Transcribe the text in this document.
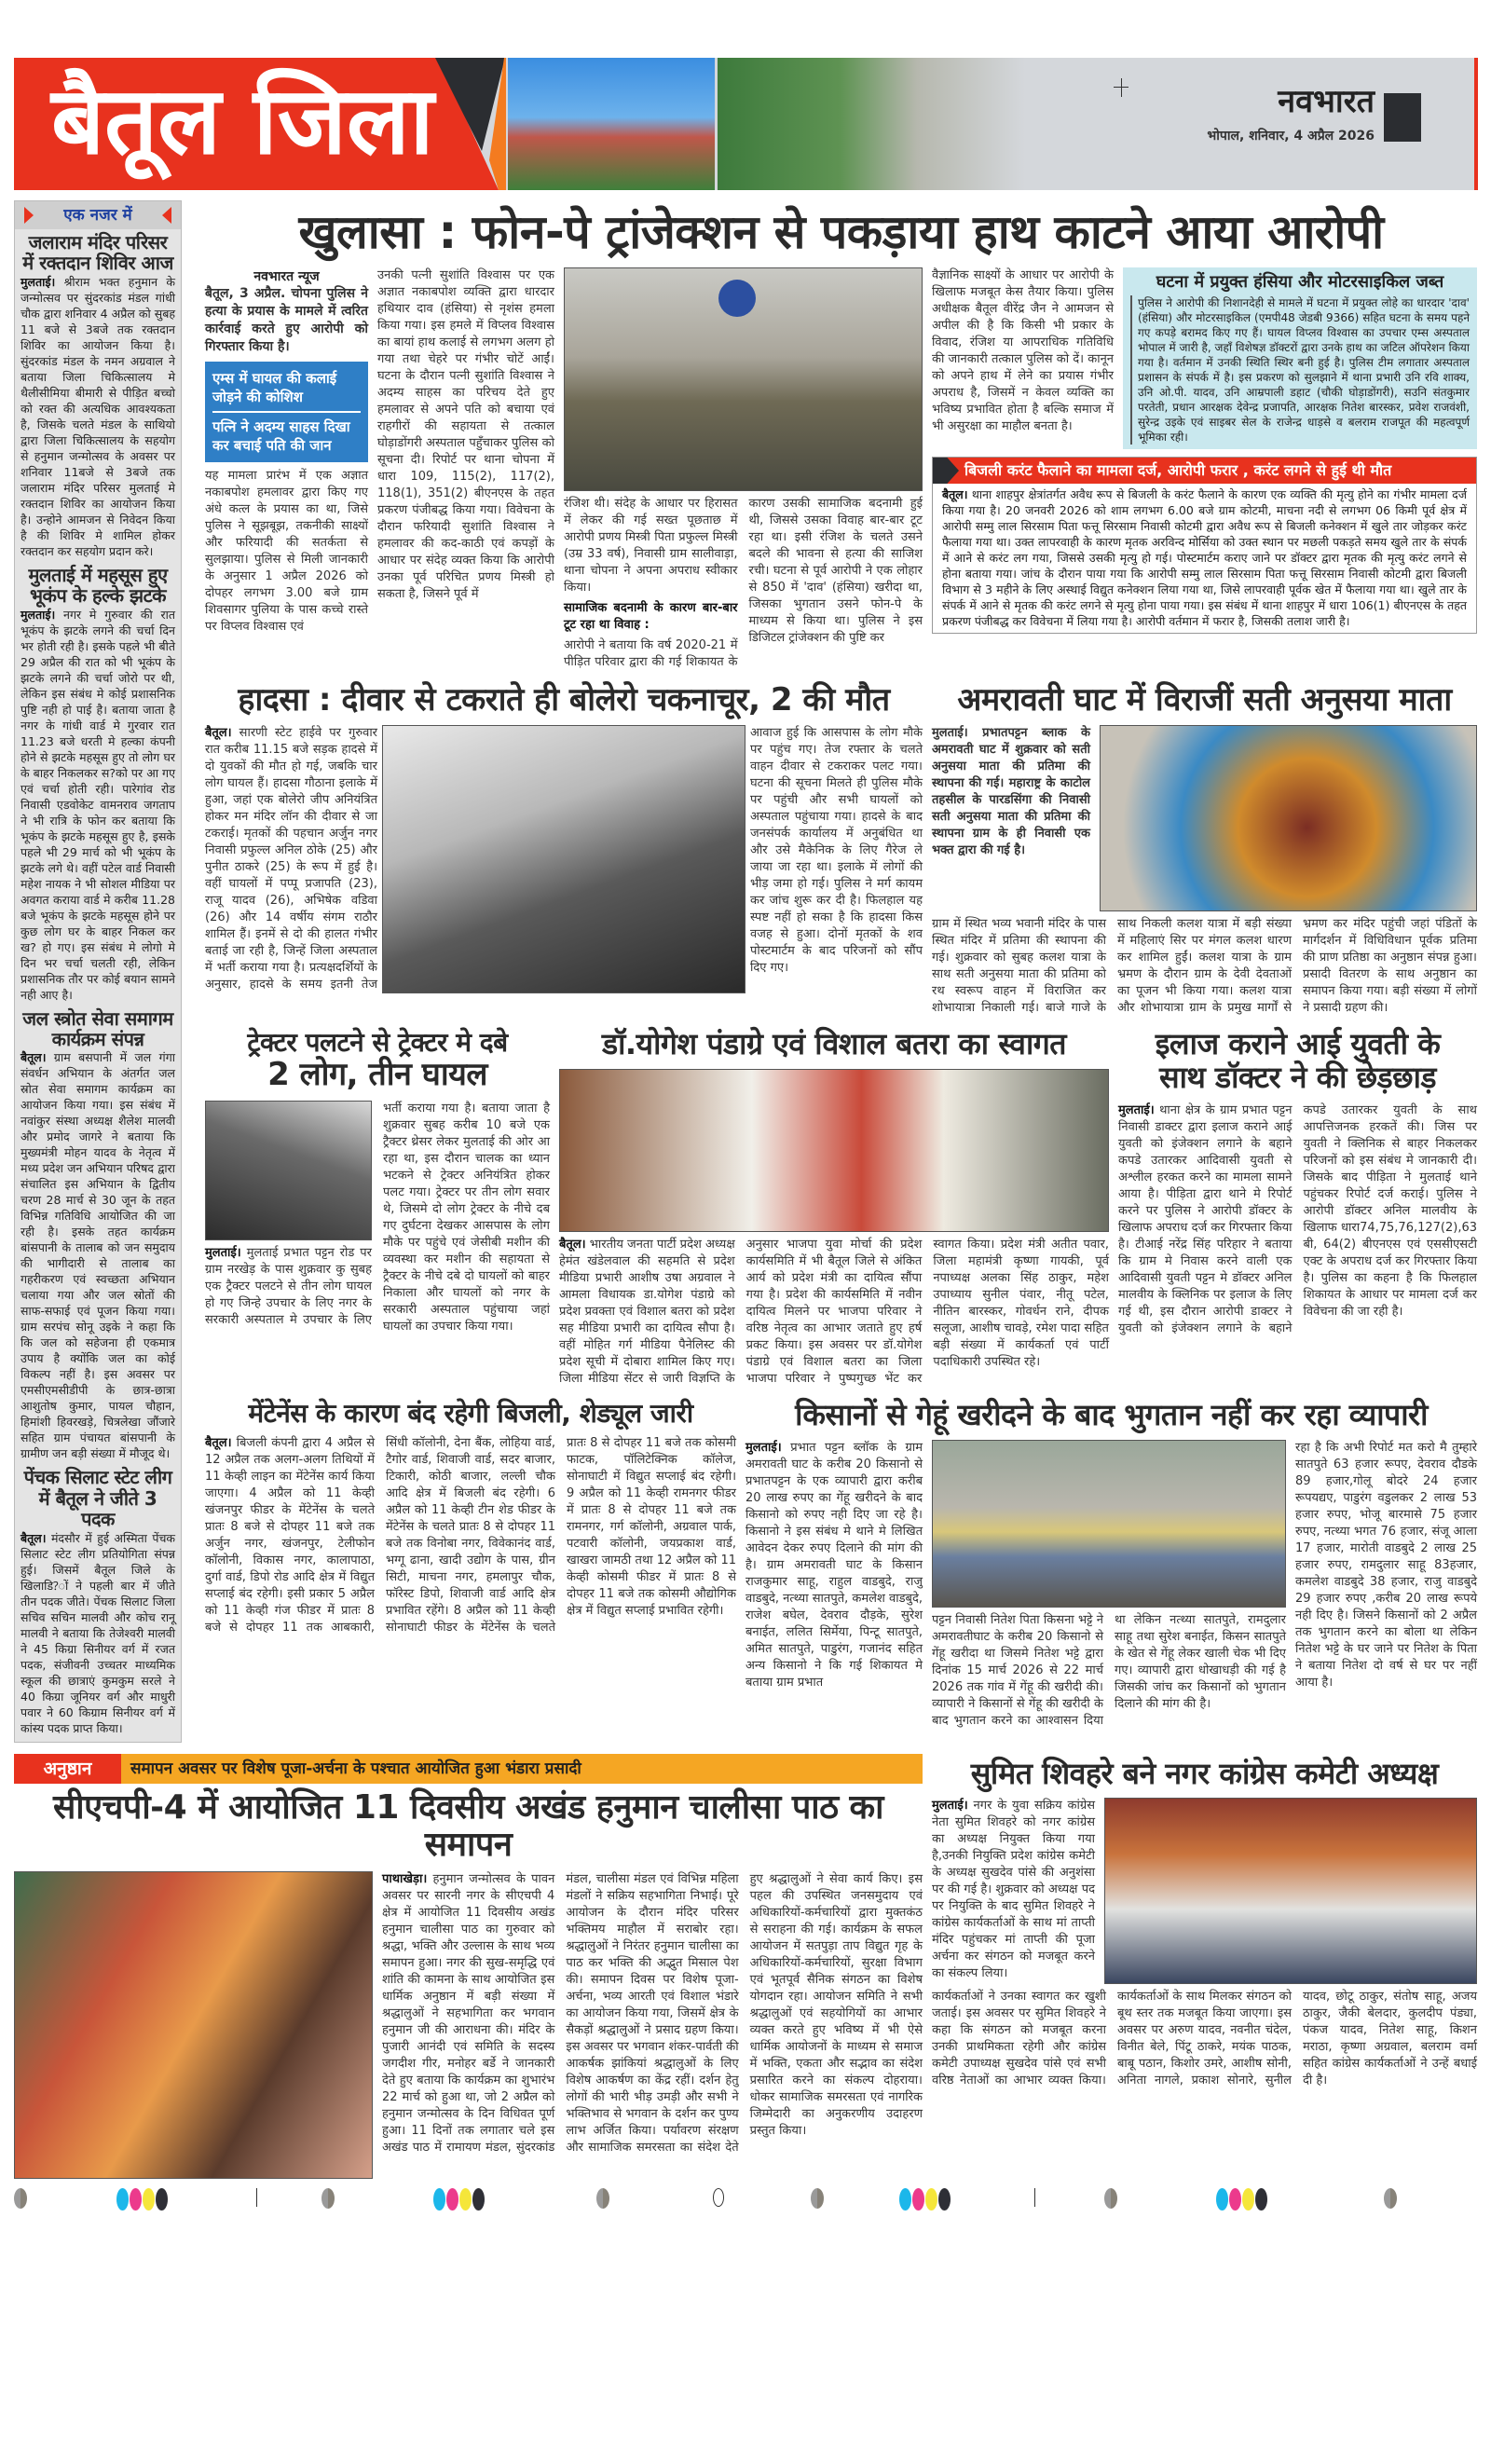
बैतूल जिला	नवभारत
भोपाल, शनिवार, 4 अप्रैल 2026
एक नजर में
जलाराम मंदिर परिसर में रक्तदान शिविर आज
मुलताई। श्रीराम भक्त हनुमान के जन्मोत्सव पर सुंदरकांड मंडल गांधी चौक द्वारा शनिवार 4 अप्रैल को सुबह 11 बजे से 3बजे तक रक्तदान शिविर का आयोजन किया है। सुंदरकांड मंडल के नमन अग्रवाल ने बताया जिला चिकित्सालय मे थैलीसीमिया बीमारी से पीड़ित बच्चो को रक्त की अत्यधिक आवश्यकता है, जिसके चलते मंडल के साथियो द्वारा जिला चिकित्सालय के सहयोग से हनुमान जन्मोत्सव के अवसर पर शनिवार 11बजे से 3बजे तक जलाराम मंदिर परिसर मुलताई मे रक्तदान शिविर का आयोजन किया है। उन्होने आमजन से निवेदन किया है की शिविर मे शामिल होकर रक्तदान कर सहयोग प्रदान करे।
मुलताई में महसूस हुए भूकंप के हल्के झटके
मुलताई। नगर मे गुरुवार की रात भूकंप के झटके लगने की चर्चा दिन भर होती रही है। इसके पहले भी बीते 29 अप्रैल की रात को भी भूकंप के झटके लगने की चर्चा जोरो पर थी, लेकिन इस संबंध मे कोई प्रशासनिक पुष्टि नही हो पाई है। बताया जाता है नगर के गांधी वार्ड मे गुरवार रात 11.23 बजे धरती मे हल्का कंपनी होने से झटके महसूस हुए तो लोग घर के बाहर निकलकर स?को पर आ गए एवं चर्चा होती रही। पारेगांव रोड निवासी एडवोकेट वामनराव जगताप ने भी रात्रि के फोन कर बताया कि भूकंप के झटके महसूस हुए है, इसके पहले भी 29 मार्च को भी भूकंप के झटके लगे थे। वहीं पटेल वार्ड निवासी महेश नायक ने भी सोशल मीडिया पर अवगत कराया वार्ड मे करीब 11.28 बजे भूकंप के झटके महसूस होने पर कुछ लोग घर के बाहर निकल कर ख? हो गए। इस संबंध मे लोगो मे दिन भर चर्चा चलती रही, लेकिन प्रशासनिक तौर पर कोई बयान सामने नही आए है।
जल स्त्रोत सेवा समागम कार्यक्रम संपन्न
बैतूल। ग्राम बसपानी में जल गंगा संवर्धन अभियान के अंतर्गत जल स्रोत सेवा समागम कार्यक्रम का आयोजन किया गया। इस संबंध में नवांकुर संस्था अध्यक्ष शैलेश मालवी और प्रमोद जागरे ने बताया कि मुख्यमंत्री मोहन यादव के नेतृत्व में मध्य प्रदेश जन अभियान परिषद द्वारा संचालित इस अभियान के द्वितीय चरण 28 मार्च से 30 जून के तहत विभिन्न गतिविधि आयोजित की जा रही है। इसके तहत कार्यक्रम बांसपानी के तालाब को जन समुदाय की भागीदारी से तालाब का गहरीकरण एवं स्वच्छता अभियान चलाया गया और जल स्रोतों की साफ-सफाई एवं पूजन किया गया। ग्राम सरपंच सोनू उइके ने कहा कि कि जल को सहेजना ही एकमात्र उपाय है क्योंकि जल का कोई विकल्प नहीं है। इस अवसर पर एमसीएमसीडीपी के छात्र-छात्रा आशुतोष कुमार, पायल चौहान, हिमांशी हिवरखड़े, चित्रलेखा जौंजारे सहित ग्राम पंचायत बांसपानी के ग्रामीण जन बड़ी संख्या में मौजूद थे।
पेंचक सिलाट स्टेट लीग में बैतूल ने जीते 3 पदक
बैतूल। मंदसौर में हुई अस्मिता पेंचक सिलाट स्टेट लीग प्रतियोगिता संपन्न हुई। जिसमें बैतूल जिले के खिलाडि?ों ने पहली बार में जीते तीन पदक जीते। पेंचक सिलाट जिला सचिव सचिन मालवी और कोच रानू मालवी ने बताया कि तेजेश्वरी मालवी ने 45 किग्रा सिनीयर वर्ग में रजत पदक, संजीवनी उच्चतर माध्यमिक स्कूल की छात्राएं कुमकुम सरले ने 40 किग्रा जूनियर वर्ग और माधुरी पवार ने 60 किग्राम सिनीयर वर्ग में कांस्य पदक प्राप्त किया।
खुलासा : फोन-पे ट्रांजेक्शन से पकड़ाया हाथ काटने आया आरोपी
नवभारत न्यूज
बैतूल, 3 अप्रैल. चोपना पुलिस ने हत्या के प्रयास के मामले में त्वरित कार्रवाई करते हुए आरोपी को गिरफ्तार किया है।
एम्स में घायल की कलाई जोड़ने की कोशिश
पत्नि ने अदम्य साहस दिखा कर बचाई पति की जान
यह मामला प्रारंभ में एक अज्ञात नकाबपोश हमलावर द्वारा किए गए अंधे कत्ल के प्रयास का था, जिसे पुलिस ने सूझबूझ, तकनीकी साक्ष्यों और फरियादी की सतर्कता से सुलझाया। पुलिस से मिली जानकारी के अनुसार 1 अप्रैल 2026 को दोपहर लगभग 3.00 बजे ग्राम शिवसागर पुलिया के पास कच्चे रास्ते पर विप्लव विश्वास एवं
उनकी पत्नी सुशांति विश्वास पर एक अज्ञात नकाबपोश व्यक्ति द्वारा धारदार हथियार दाव (हंसिया) से नृशंस हमला किया गया। इस हमले में विप्लव विश्वास का बायां हाथ कलाई से लगभग अलग हो गया तथा चेहरे पर गंभीर चोटें आईं। घटना के दौरान पत्नी सुशांति विश्वास ने अदम्य साहस का परिचय देते हुए हमलावर से अपने पति को बचाया एवं राहगीरों की सहायता से तत्काल घोड़ाडोंगरी अस्पताल पहुँचाकर पुलिस को सूचना दी। रिपोर्ट पर थाना चोपना में धारा 109, 115(2), 117(2), 118(1), 351(2) बीएनएस के तहत प्रकरण पंजीबद्ध किया गया। विवेचना के दौरान फरियादी सुशांति विश्वास ने हमलावर की कद-काठी एवं कपड़ों के आधार पर संदेह व्यक्त किया कि आरोपी उनका पूर्व परिचित प्रणय मिस्त्री हो सकता है, जिसने पूर्व में
रंजिश थी। संदेह के आधार पर हिरासत में लेकर की गई सख्त पूछताछ में आरोपी प्रणय मिस्त्री पिता प्रफुल्ल मिस्त्री (उम्र 33 वर्ष), निवासी ग्राम सालीवाड़ा, थाना चोपना ने अपना अपराध स्वीकार किया।
सामाजिक बदनामी के कारण बार-बार टूट रहा था विवाह :
आरोपी ने बताया कि वर्ष 2020-21 में पीड़ित परिवार द्वारा की गई शिकायत के कारण उसकी सामाजिक बदनामी हुई थी, जिससे उसका विवाह बार-बार टूट रहा था। इसी रंजिश के चलते उसने बदले की भावना से हत्या की साजिश रची। घटना से पूर्व आरोपी ने एक लोहार से 850 में 'दाव' (हंसिया) खरीदा था, जिसका भुगतान उसने फोन-पे के माध्यम से किया था। पुलिस ने इस डिजिटल ट्रांजेक्शन की पुष्टि कर
वैज्ञानिक साक्ष्यों के आधार पर आरोपी के खिलाफ मजबूत केस तैयार किया। पुलिस अधीक्षक बैतूल वीरेंद्र जैन ने आमजन से अपील की है कि किसी भी प्रकार के विवाद, रंजिश या आपराधिक गतिविधि की जानकारी तत्काल पुलिस को दें। कानून को अपने हाथ में लेने का प्रयास गंभीर अपराध है, जिसमें न केवल व्यक्ति का भविष्य प्रभावित होता है बल्कि समाज में भी असुरक्षा का माहौल बनता है।
घटना में प्रयुक्त हंसिया और मोटरसाइकिल जब्त
पुलिस ने आरोपी की निशानदेही से मामले में घटना में प्रयुक्त लोहे का धारदार 'दाव' (हंसिया) और मोटरसाइकिल (एमपी48 जेडबी 9366) सहित घटना के समय पहने गए कपड़े बरामद किए गए हैं। घायल विप्लव विश्वास का उपचार एम्स अस्पताल भोपाल में जारी है, जहाँ विशेषज्ञ डॉक्टरों द्वारा उनके हाथ का जटिल ऑपरेशन किया गया है। वर्तमान में उनकी स्थिति स्थिर बनी हुई है। पुलिस टीम लगातार अस्पताल प्रशासन के संपर्क में है। इस प्रकरण को सुलझाने में थाना प्रभारी उनि रवि शाक्य, उनि ओ.पी. यादव, उनि आम्रपाली डहाट (चौकी घोड़ाडोंगरी), सउनि संतकुमार परतेती, प्रधान आरक्षक देवेन्द्र प्रजापति, आरक्षक नितेश बारस्कर, प्रवेश राजवंशी, सुरेन्द्र उइके एवं साइबर सेल के राजेन्द्र धाड़से व बलराम राजपूत की महत्वपूर्ण भूमिका रही।
बिजली करंट फैलाने का मामला दर्ज, आरोपी फरार , करंट लगने से हुई थी मौत
बैतूल। थाना शाहपुर क्षेत्रांतर्गत अवैध रूप से बिजली के करंट फैलाने के कारण एक व्यक्ति की मृत्यु होने का गंभीर मामला दर्ज किया गया है। 20 जनवरी 2026 को शाम लगभग 6.00 बजे ग्राम कोटमी, माचना नदी से लगभग 06 किमी पूर्व क्षेत्र में आरोपी सम्मु लाल सिरसाम पिता फत्तू सिरसाम निवासी कोटमी द्वारा अवैध रूप से बिजली कनेक्शन में खुले तार जोड़कर करंट फैलाया गया था। उक्त लापरवाही के कारण मृतक अरविन्द मोर्सिया को उक्त स्थान पर मछली पकड़ते समय खुले तार के संपर्क में आने से करंट लग गया, जिससे उसकी मृत्यु हो गई। पोस्टमार्टम कराए जाने पर डॉक्टर द्वारा मृतक की मृत्यु करंट लगने से होना बताया गया। जांच के दौरान पाया गया कि आरोपी सम्मु लाल सिरसाम पिता फत्तू सिरसाम निवासी कोटमी द्वारा बिजली विभाग से 3 महीने के लिए अस्थाई विद्युत कनेक्शन लिया गया था, जिसे लापरवाही पूर्वक खेत में फैलाया गया था। खुले तार के संपर्क में आने से मृतक की करंट लगने से मृत्यु होना पाया गया। इस संबंध में थाना शाहपुर में धारा 106(1) बीएनएस के तहत प्रकरण पंजीबद्ध कर विवेचना में लिया गया है। आरोपी वर्तमान में फरार है, जिसकी तलाश जारी है।
हादसा : दीवार से टकराते ही बोलेरो चकनाचूर, 2 की मौत
बैतूल। सारणी स्टेट हाईवे पर गुरुवार रात करीब 11.15 बजे सड़क हादसे में दो युवकों की मौत हो गई, जबकि चार लोग घायल हैं। हादसा गौठाना इलाके में हुआ, जहां एक बोलेरो जीप अनियंत्रित होकर मन मंदिर लॉन की दीवार से जा टकराई। मृतकों की पहचान अर्जुन नगर निवासी प्रफुल्ल अनिल ठोके (25) और पुनीत ठाकरे (25) के रूप में हुई है। वहीं घायलों में पप्पू प्रजापति (23), राजू यादव (26), अभिषेक वडिवा (26) और 14 वर्षीय संगम राठौर शामिल हैं। इनमें से दो की हालत गंभीर बताई जा रही है, जिन्हें जिला अस्पताल में भर्ती कराया गया है। प्रत्यक्षदर्शियों के अनुसार, हादसे के समय इतनी तेज आवाज हुई कि आसपास के लोग मौके पर पहुंच गए। तेज रफ्तार के चलते वाहन दीवार से टकराकर पलट गया। घटना की सूचना मिलते ही पुलिस मौके पर पहुंची और सभी घायलों को अस्पताल पहुंचाया गया। हादसे के बाद जनसंपर्क कार्यालय में अनुबंधित था और उसे मैकेनिक के लिए गैरेज ले जाया जा रहा था। इलाके में लोगों की भीड़ जमा हो गई। पुलिस ने मर्ग कायम कर जांच शुरू कर दी है। फिलहाल यह स्पष्ट नहीं हो सका है कि हादसा किस वजह से हुआ। दोनों मृतकों के शव पोस्टमार्टम के बाद परिजनों को सौंप दिए गए।
अमरावती घाट में विराजीं सती अनुसया माता
मुलताई। प्रभातपट्टन ब्लाक के अमरावती घाट में शुक्रवार को सती अनुसया माता की प्रतिमा की स्थापना की गई। महाराष्ट्र के काटोल तहसील के पारडसिंगा की निवासी सती अनुसया माता की प्रतिमा की स्थापना ग्राम के ही निवासी एक भक्त द्वारा की गई है।
ग्राम में स्थित भव्य भवानी मंदिर के पास स्थित मंदिर में प्रतिमा की स्थापना की गई। शुक्रवार को सुबह कलश यात्रा के साथ सती अनुसया माता की प्रतिमा को रथ स्वरूप वाहन में विराजित कर शोभायात्रा निकाली गई। बाजे गाजे के साथ निकली कलश यात्रा में बड़ी संख्या में महिलाएं सिर पर मंगल कलश धारण कर शामिल हुईं। कलश यात्रा के ग्राम भ्रमण के दौरान ग्राम के देवी देवताओं का पूजन भी किया गया। कलश यात्रा और शोभायात्रा ग्राम के प्रमुख मार्गों से भ्रमण कर मंदिर पहुंची जहां पंडितों के मार्गदर्शन में विधिविधान पूर्वक प्रतिमा की प्राण प्रतिष्ठा का अनुष्ठान संपन्न हुआ। प्रसादी वितरण के साथ अनुष्ठान का समापन किया गया। बड़ी संख्या में लोगों ने प्रसादी ग्रहण की।
ट्रेक्टर पलटने से ट्रेक्टर मे दबे
2 लोग, तीन घायल
मुलताई। मुलताई प्रभात पट्टन रोड पर ग्राम नरखेड़ के पास शुक्रवार कु सुबह एक ट्रैक्टर पलटने से तीन लोग घायल हो गए जिन्हे उपचार के लिए नगर के सरकारी अस्पताल मे उपचार के लिए भर्ती कराया गया है। बताया जाता है शुक्रवार सुबह करीब 10 बजे एक ट्रैक्टर थ्रेसर लेकर मुलताई की ओर आ रहा था, इस दौरान चालक का ध्यान भटकने से ट्रेक्टर अनियंत्रित होकर पलट गया। ट्रेक्टर पर तीन लोग सवार थे, जिसमे दो लोग ट्रेक्टर के नीचे दब गए दुर्घटना देखकर आसपास के लोग मौके पर पहुंचे एवं जेसीबी मशीन की व्यवस्था कर मशीन की सहायता से ट्रैक्टर के नीचे दबे दो घायलों को बाहर निकाला और घायलों को नगर के सरकारी अस्पताल पहुंचाया जहां घायलों का उपचार किया गया।
डॉ.योगेश पंडाग्रे एवं विशाल बतरा का स्वागत
बैतूल। भारतीय जनता पार्टी प्रदेश अध्यक्ष हेमंत खंडेलवाल की सहमति से प्रदेश मीडिया प्रभारी आशीष उषा अग्रवाल ने आमला विधायक डा.योगेश पंडाग्रे को प्रदेश प्रवक्ता एवं विशाल बतरा को प्रदेश सह मीडिया प्रभारी का दायित्व सौपा है। वहीं मोहित गर्ग मीडिया पैनेलिस्ट की प्रदेश सूची में दोबारा शामिल किए गए। जिला मीडिया सेंटर से जारी विज्ञप्ति के अनुसार भाजपा युवा मोर्चा की प्रदेश कार्यसमिति में भी बैतूल जिले से अंकित आर्य को प्रदेश मंत्री का दायित्व सौंपा गया है। प्रदेश की कार्यसमिति में नवीन दायित्व मिलने पर भाजपा परिवार ने वरिष्ठ नेतृत्व का आभार जताते हुए हर्ष प्रकट किया। इस अवसर पर डॉ.योगेश पंडाग्रे एवं विशाल बतरा का जिला भाजपा परिवार ने पुष्पगुच्छ भेंट कर स्वागत किया। प्रदेश मंत्री अतीत पवार, जिला महामंत्री कृष्णा गायकी, पूर्व नपाध्यक्ष अलका सिंह ठाकुर, महेश उपाध्याय सुनील पंवार, नीतू पटेल, नीतिन बारस्कर, गोवर्धन राने, दीपक सलूजा, आशीष चावड़े, रमेश पादा सहित बड़ी संख्या में कार्यकर्ता एवं पार्टी पदाधिकारी उपस्थित रहे।
इलाज कराने आई युवती के
साथ डॉक्टर ने की छेड़छाड़
मुलताई। थाना क्षेत्र के ग्राम प्रभात पट्टन निवासी डाक्टर द्वारा इलाज कराने आई युवती को इंजेक्शन लगाने के बहाने कपडे उतारकर आदिवासी युवती से अश्लील हरकत करने का मामला सामने आया है। पीड़िता द्वारा थाने मे रिपोर्ट करने पर पुलिस ने आरोपी डॉक्टर के खिलाफ अपराध दर्ज कर गिरफ्तार किया है। टीआई नरेंद्र सिंह परिहार ने बताया कि ग्राम मे निवास करने वाली एक आदिवासी युवती पट्टन मे डॉक्टर अनिल मालवीय के क्लिनिक पर इलाज के लिए गई थी, इस दौरान आरोपी डाक्टर ने युवती को इंजेक्शन लगाने के बहाने कपडे उतारकर युवती के साथ आपत्तिजनक हरकतें की। जिस पर युवती ने क्लिनिक से बाहर निकलकर परिजनों को इस संबंध मे जानकारी दी। जिसके बाद पीड़िता ने मुलताई थाने पहुंचकर रिपोर्ट दर्ज कराई। पुलिस ने आरोपी डॉक्टर अनिल मालवीय के खिलाफ धारा74,75,76,127(2),63 बी, 64(2) बीएनएस एवं एससीएसटी एक्ट के अपराध दर्ज कर गिरफ्तार किया है। पुलिस का कहना है कि फिलहाल शिकायत के आधार पर मामला दर्ज कर विवेचना की जा रही है।
मेंटेनेंस के कारण बंद रहेगी बिजली, शेड्यूल जारी
बैतूल। बिजली कंपनी द्वारा 4 अप्रैल से 12 अप्रैल तक अलग-अलग तिथियों में 11 केव्ही लाइन का मेंटेनेंस कार्य किया जाएगा। 4 अप्रैल को 11 केव्ही खंजनपुर फीडर के मेंटेनेंस के चलते प्रातः 8 बजे से दोपहर 11 बजे तक अर्जुन नगर, खंजनपुर, टेलीफोन कॉलोनी, विकास नगर, कालापाठा, दुर्गा वार्ड, डिपो रोड आदि क्षेत्र में विद्युत सप्लाई बंद रहेगी। इसी प्रकार 5 अप्रैल को 11 केव्ही गंज फीडर में प्रातः 8 बजे से दोपहर 11 तक आबकारी, सिंधी कॉलोनी, देना बैंक, लोहिया वार्ड, टैगोर वार्ड, शिवाजी वार्ड, सदर बाजार, टिकारी, कोठी बाजार, लल्ली चौक आदि क्षेत्र में बिजली बंद रहेगी। 6 अप्रैल को 11 केव्ही टीन शेड फीडर के मेंटेनेंस के चलते प्रातः 8 से दोपहर 11 बजे तक विनोबा नगर, विवेकानंद वार्ड, भग्गू ढाना, खादी उद्योग के पास, ग्रीन सिटी, माचना नगर, हमलापुर चौक, फॉरेस्ट डिपो, शिवाजी वार्ड आदि क्षेत्र प्रभावित रहेंगे। 8 अप्रैल को 11 केव्ही सोनाघाटी फीडर के मेंटेनेंस के चलते प्रातः 8 से दोपहर 11 बजे तक कोसमी फाटक, पॉलिटेक्निक कॉलेज, सोनाघाटी में विद्युत सप्लाई बंद रहेगी। 9 अप्रैल को 11 केव्ही रामनगर फीडर में प्रातः 8 से दोपहर 11 बजे तक रामनगर, गर्ग कॉलोनी, अग्रवाल पार्क, पटवारी कॉलोनी, जयप्रकाश वार्ड, खाखरा जामठी तथा 12 अप्रैल को 11 केव्ही कोसमी फीडर में प्रातः 8 से दोपहर 11 बजे तक कोसमी औद्योगिक क्षेत्र में विद्युत सप्लाई प्रभावित रहेगी।
किसानों से गेहूं खरीदने के बाद भुगतान नहीं कर रहा व्यापारी
मुलताई। प्रभात पट्टन ब्लॉक के ग्राम अमरावती घाट के करीब 20 किसानो से प्रभातपट्टन के एक व्यापारी द्वारा करीब 20 लाख रुपए का गेंहू खरीदने के बाद किसानो को रुपए नही दिए जा रहे है। किसानो ने इस संबंध मे थाने मे लिखित आवेदन देकर रुपए दिलाने की मांग की है। ग्राम अमरावती घाट के किसान राजकुमार साहू, राहुल वाडबुदे, राजु वाडबुदे, नत्थ्या सातपुते, कमलेश वाडबुदे, राजेश बघेल, देवराव दौड़के, सुरेश बनाईत, ललित सिर्मेया, पिन्टू सातपुते, अमित सातपुते, पाडुरंग, गजानंद सहित अन्य किसानो ने कि गई शिकायत मे बताया ग्राम प्रभात
पट्टन निवासी नितेश पिता किसना भट्टे ने अमरावतीघाट के करीब 20 किसानो से गेंहू खरीदा था जिसमे नितेश भट्टे द्वारा दिनांक 15 मार्च 2026 से 22 मार्च 2026 तक गांव में गेंहू की खरीदी की। व्यापारी ने किसानों से गेंहू की खरीदी के बाद भुगतान करने का आश्वासन दिया था लेकिन नत्थ्या सातपुते, रामदुलार साहू तथा सुरेश बनाईत, किसन सातपुते के खेत से गेंहू लेकर खाली चेक भी दिए गए। व्यापारी द्वारा धोखाधड़ी की गई है जिसकी जांच कर किसानों को भुगतान दिलाने की मांग की है।
रहा है कि अभी रिपोर्ट मत करो मै तुम्हारे सातपुते 63 हजार रूपए, देवराव दौडके 89 हजार,गोलू बोदरे 24 हजार रूपयद्यए, पाडुरंग वडुलकर 2 लाख 53 हजार रुपए, भोजू बारमासे 75 हजार रुपए, नत्थ्या भगत 76 हजार, संजू आला 17 हजार, मारोती वाडबुदे 2 लाख 25 हजार रुपए, रामदुलार साहू 83हजार, कमलेश वाडबुदे 38 हजार, राजु वाडबुदे 29 हजार रुपए ,करीब 20 लाख रूपये नही दिए है। जिसने किसानों को 2 अप्रैल तक भुगतान करने का बोला था लेकिन नितेश भट्टे के घर जाने पर नितेश के पिता ने बताया नितेश दो वर्ष से घर पर नहीं आया है।
अनुष्ठान	समापन अवसर पर विशेष पूजा-अर्चना के पश्चात आयोजित हुआ भंडारा प्रसादी
सीएचपी-4 में आयोजित 11 दिवसीय अखंड हनुमान चालीसा पाठ का समापन
पाथाखेड़ा। हनुमान जन्मोत्सव के पावन अवसर पर सारनी नगर के सीएचपी 4 क्षेत्र में आयोजित 11 दिवसीय अखंड हनुमान चालीसा पाठ का गुरुवार को श्रद्धा, भक्ति और उल्लास के साथ भव्य समापन हुआ। नगर की सुख-समृद्धि एवं शांति की कामना के साथ आयोजित इस धार्मिक अनुष्ठान में बड़ी संख्या में श्रद्धालुओं ने सहभागिता कर भगवान हनुमान जी की आराधना की। मंदिर के पुजारी आनंदी एवं समिति के सदस्य जगदीश गीर, मनोहर बर्डे ने जानकारी देते हुए बताया कि कार्यक्रम का शुभारंभ 22 मार्च को हुआ था, जो 2 अप्रैल को हनुमान जन्मोत्सव के दिन विधिवत पूर्ण हुआ। 11 दिनों तक लगातार चले इस अखंड पाठ में रामायण मंडल, सुंदरकांड मंडल, चालीसा मंडल एवं विभिन्न महिला मंडलों ने सक्रिय सहभागिता निभाई। पूरे आयोजन के दौरान मंदिर परिसर भक्तिमय माहौल में सराबोर रहा। श्रद्धालुओं ने निरंतर हनुमान चालीसा का पाठ कर भक्ति की अद्भुत मिसाल पेश की। समापन दिवस पर विशेष पूजा-अर्चना, भव्य आरती एवं विशाल भंडारे का आयोजन किया गया, जिसमें क्षेत्र के सैकड़ों श्रद्धालुओं ने प्रसाद ग्रहण किया। इस अवसर पर भगवान शंकर-पार्वती की आकर्षक झांकियां श्रद्धालुओं के लिए विशेष आकर्षण का केंद्र रहीं। दर्शन हेतु लोगों की भारी भीड़ उमड़ी और सभी ने भक्तिभाव से भगवान के दर्शन कर पुण्य लाभ अर्जित किया। पर्यावरण संरक्षण और सामाजिक समरसता का संदेश देते हुए श्रद्धालुओं ने सेवा कार्य किए। इस पहल की उपस्थित जनसमुदाय एवं अधिकारियों-कर्मचारियों द्वारा मुक्तकंठ से सराहना की गई। कार्यक्रम के सफल आयोजन में सतपुड़ा ताप विद्युत गृह के अधिकारियों-कर्मचारियों, सुरक्षा विभाग एवं भूतपूर्व सैनिक संगठन का विशेष योगदान रहा। आयोजन समिति ने सभी श्रद्धालुओं एवं सहयोगियों का आभार व्यक्त करते हुए भविष्य में भी ऐसे धार्मिक आयोजनों के माध्यम से समाज में भक्ति, एकता और सद्भाव का संदेश प्रसारित करने का संकल्प दोहराया। धोकर सामाजिक समरसता एवं नागरिक जिम्मेदारी का अनुकरणीय उदाहरण प्रस्तुत किया।
सुमित शिवहरे बने नगर कांग्रेस कमेटी अध्यक्ष
मुलताई। नगर के युवा सक्रिय कांग्रेस नेता सुमित शिवहरे को नगर कांग्रेस का अध्यक्ष नियुक्त किया गया है,उनकी नियुक्ति प्रदेश कांग्रेस कमेटी के अध्यक्ष सुखदेव पांसे की अनुशंसा पर की गई है। शुक्रवार को अध्यक्ष पद पर नियुक्ति के बाद सुमित शिवहरे ने कांग्रेस कार्यकर्ताओं के साथ मां ताप्ती मंदिर पहुंचकर मां ताप्ती की पूजा अर्चना कर संगठन को मजबूत करने का संकल्प लिया।
कार्यकर्ताओं ने उनका स्वागत कर खुशी जताई। इस अवसर पर सुमित शिवहरे ने कहा कि संगठन को मजबूत करना उनकी प्राथमिकता रहेगी और कांग्रेस कमेटी उपाध्यक्ष सुखदेव पांसे एवं सभी वरिष्ठ नेताओं का आभार व्यक्त किया। कार्यकर्ताओं के साथ मिलकर संगठन को बूथ स्तर तक मजबूत किया जाएगा। इस अवसर पर अरुण यादव, नवनीत चंदेल, विनीत बेले, पिंटू ठाकरे, मयंक पाठक, बाबू पठान, किशोर उमरे, आशीष सोनी, अनिता नागले, प्रकाश सोनारे, सुनील यादव, छोटू ठाकुर, संतोष साहू, अजय ठाकुर, जैकी बेलदार, कुलदीप पंड्या, पंकज यादव, नितेश साहू, किशन मराठा, कृष्णा अग्रवाल, बलराम वर्मा सहित कांग्रेस कार्यकर्ताओं ने उन्हें बधाई दी है।
